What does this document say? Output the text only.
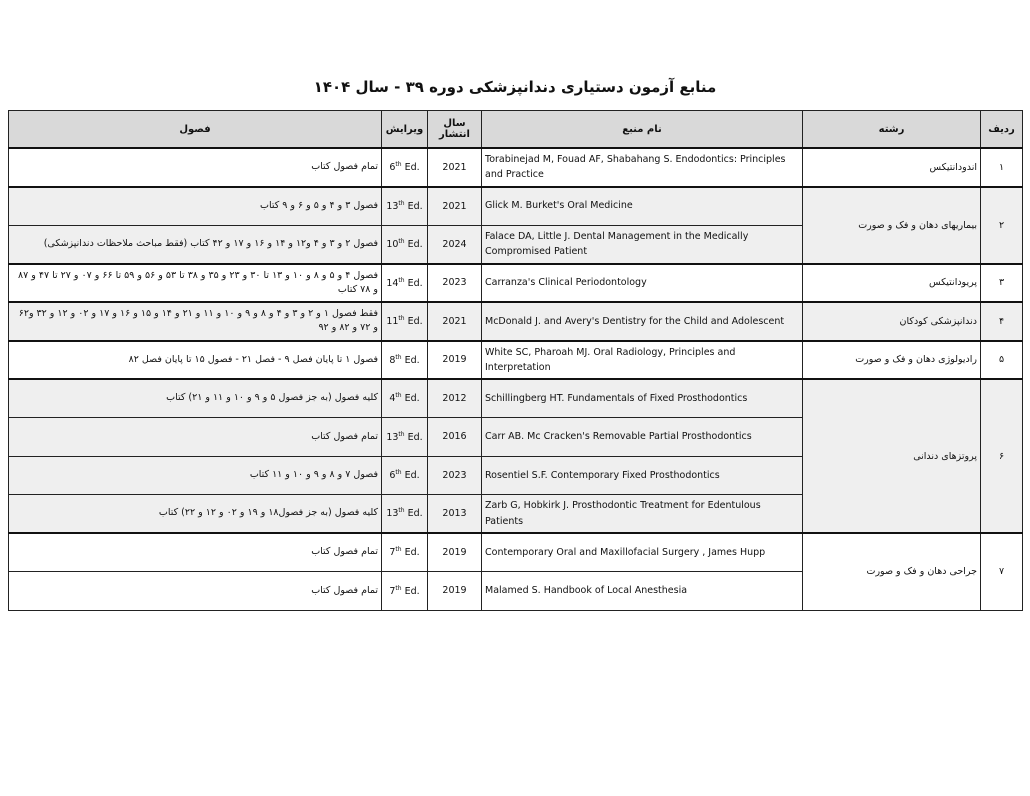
منابع آزمون دستیاری دندانپزشکی دوره ۳۹ - سال ۱۴۰۴
ردیف	رشته	نام منبع	سال انتشار	ویرایش	فصول
۱	اندودانتیکس	Torabinejad M, Fouad AF, Shabahang S. Endodontics: Principles and Practice	2021	6th Ed.	تمام فصول کتاب
۲	بیماریهای دهان و فک و صورت	Glick M. Burket's Oral Medicine	2021	13th Ed.	فصول ۳ و ۴ و ۵ و ۶ و ۹ کتاب
		Falace DA, Little J. Dental Management in the Medically Compromised Patient	2024	10th Ed.	فصول ۲ و ۳ و ۴ و۱۲ و ۱۴ و ۱۶ و ۱۷ و ۴۲ کتاب (فقط مباحث ملاحظات دندانپزشکی)
۳	پریودانتیکس	Carranza's Clinical Periodontology	2023	14th Ed.	فصول ۴ و ۵ و ۸ و ۱۰ و ۱۳ تا ۳۰ و ۲۳ و ۳۵ و ۳۸ تا ۵۳ و ۵۶ و ۵۹ تا ۶۶ و ۰۷ و ۲۷ تا ۴۷ و ۸۷ و ۷۸ کتاب
۴	دندانپزشکی کودکان	McDonald J. and Avery's Dentistry for the Child and Adolescent	2021	11th Ed.	فقط فصول ۱ و ۲ و ۳ و ۴ و ۸ و ۹ و ۱۰ و ۱۱ و ۲۱ و ۱۴ و ۱۵ و ۱۶ و ۱۷ و ۰۲ و ۱۲ و ۳۲ و۶۲ و ۷۲ و ۸۲ و ۹۲
۵	رادیولوژی دهان و فک و صورت	White SC, Pharoah MJ. Oral Radiology, Principles and Interpretation	2019	8th Ed.	فصول ۱ تا پایان فصل ۹ - فصل ۲۱ - فصول ۱۵ تا پایان فصل ۸۲
۶	پروتزهای دندانی	Schillingberg HT. Fundamentals of Fixed Prosthodontics	2012	4th Ed.	کلیه فصول (به جز فصول ۵ و ۹ و ۱۰ و ۱۱ و ۲۱) کتاب
		Carr AB. Mc Cracken's Removable Partial Prosthodontics	2016	13th Ed.	تمام فصول کتاب
		Rosentiel S.F. Contemporary Fixed Prosthodontics	2023	6th Ed.	فصول ۷ و ۸ و ۹ و ۱۰ و ۱۱ کتاب
		Zarb G, Hobkirk J. Prosthodontic Treatment for Edentulous Patients	2013	13th Ed.	کلیه فصول (به جز فصول۱۸ و ۱۹ و ۰۲ و ۱۲ و ۲۲) کتاب
۷	جراحی دهان و فک و صورت	Contemporary Oral and Maxillofacial Surgery , James Hupp	2019	7th Ed.	تمام فصول کتاب
		Malamed S. Handbook of Local Anesthesia	2019	7th Ed.	تمام فصول کتاب
